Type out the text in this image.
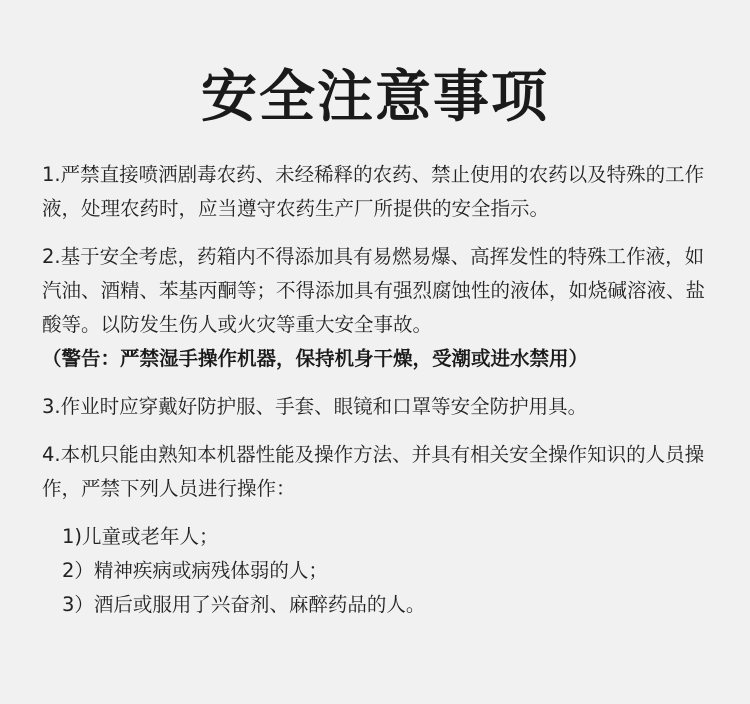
安全注意事项

1.严禁直接喷洒剧毒农药、未经稀释的农药、禁止使用的农药以及特殊的工作液，处理农药时，应当遵守农药生产厂所提供的安全指示。

2.基于安全考虑，药箱内不得添加具有易燃易爆、高挥发性的特殊工作液，如汽油、酒精、苯基丙酮等；不得添加具有强烈腐蚀性的液体，如烧碱溶液、盐酸等。以防发生伤人或火灾等重大安全事故。
（警告：严禁湿手操作机器，保持机身干燥，受潮或进水禁用）

3.作业时应穿戴好防护服、手套、眼镜和口罩等安全防护用具。

4.本机只能由熟知本机器性能及操作方法、并具有相关安全操作知识的人员操作，严禁下列人员进行操作：

1)儿童或老年人；
2）精神疾病或病残体弱的人；
3）酒后或服用了兴奋剂、麻醉药品的人。
